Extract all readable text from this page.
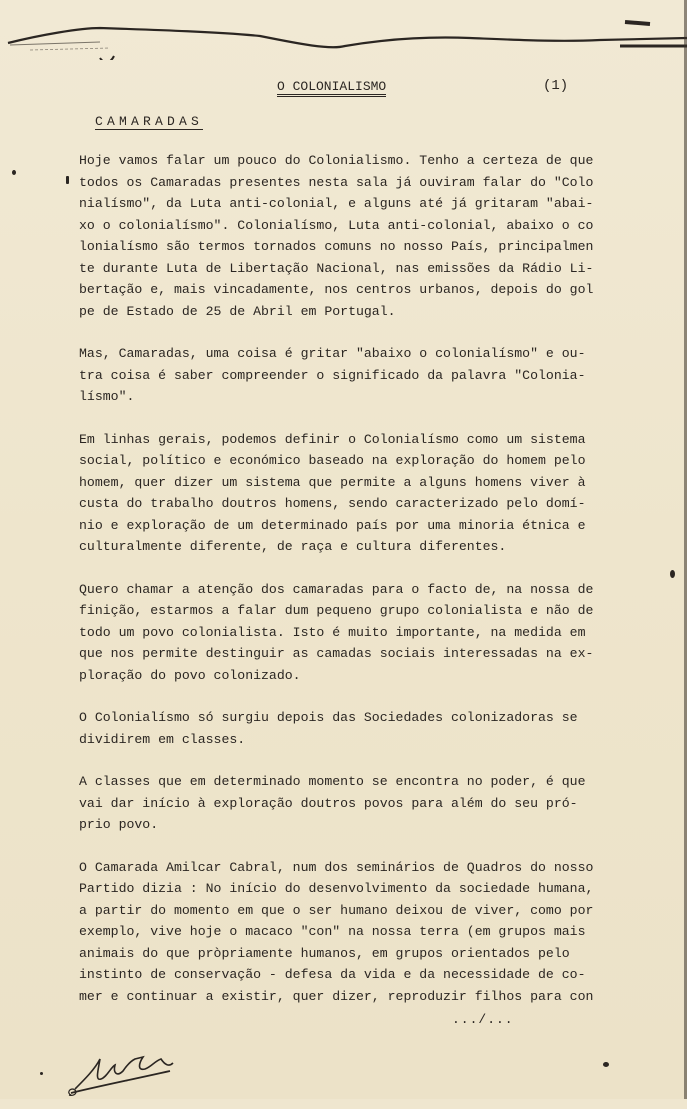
O COLONIALISMO	(1)
CAMARADAS
Hoje vamos falar um pouco do Colonialismo. Tenho a certeza de que
todos os Camaradas presentes nesta sala já ouviram falar do "Colo
nialísmo", da Luta anti-colonial, e alguns até já gritaram "abai-
xo o colonialísmo". Colonialísmo, Luta anti-colonial, abaixo o co
lonialísmo são termos tornados comuns no nosso País, principalmen
te durante Luta de Libertação Nacional, nas emissões da Rádio Li-
bertação e, mais vincadamente, nos centros urbanos, depois do gol
pe de Estado de 25 de Abril em Portugal.
Mas, Camaradas, uma coisa é gritar "abaixo o colonialísmo" e ou-
tra coisa é saber compreender o significado da palavra "Colonia-
lísmo".
Em linhas gerais, podemos definir o Colonialísmo como um sistema
social, político e económico baseado na exploração do homem pelo
homem, quer dizer um sistema que permite a alguns homens viver à
custa do trabalho doutros homens, sendo caracterizado pelo domí-
nio e exploração de um determinado país por uma minoria étnica e
culturalmente diferente, de raça e cultura diferentes.
Quero chamar a atenção dos camaradas para o facto de, na nossa de
finição, estarmos a falar dum pequeno grupo colonialista e não de
todo um povo colonialista. Isto é muito importante, na medida em
que nos permite destinguir as camadas sociais interessadas na ex-
ploração do povo colonizado.
O Colonialísmo só surgiu depois das Sociedades colonizadoras se
dividirem em classes.
A classes que em determinado momento se encontra no poder, é que
vai dar início à exploração doutros povos para além do seu pró-
prio povo.
O Camarada Amilcar Cabral, num dos seminários de Quadros do nosso
Partido dizia : No início do desenvolvimento da sociedade humana,
a partir do momento em que o ser humano deixou de viver, como por
exemplo, vive hoje o macaco "con" na nossa terra (em grupos mais
animais do que pròpriamente humanos, em grupos orientados pelo
instinto de conservação - defesa da vida e da necessidade de co-
mer e continuar a existir, quer dizer, reproduzir filhos para con
.../...
